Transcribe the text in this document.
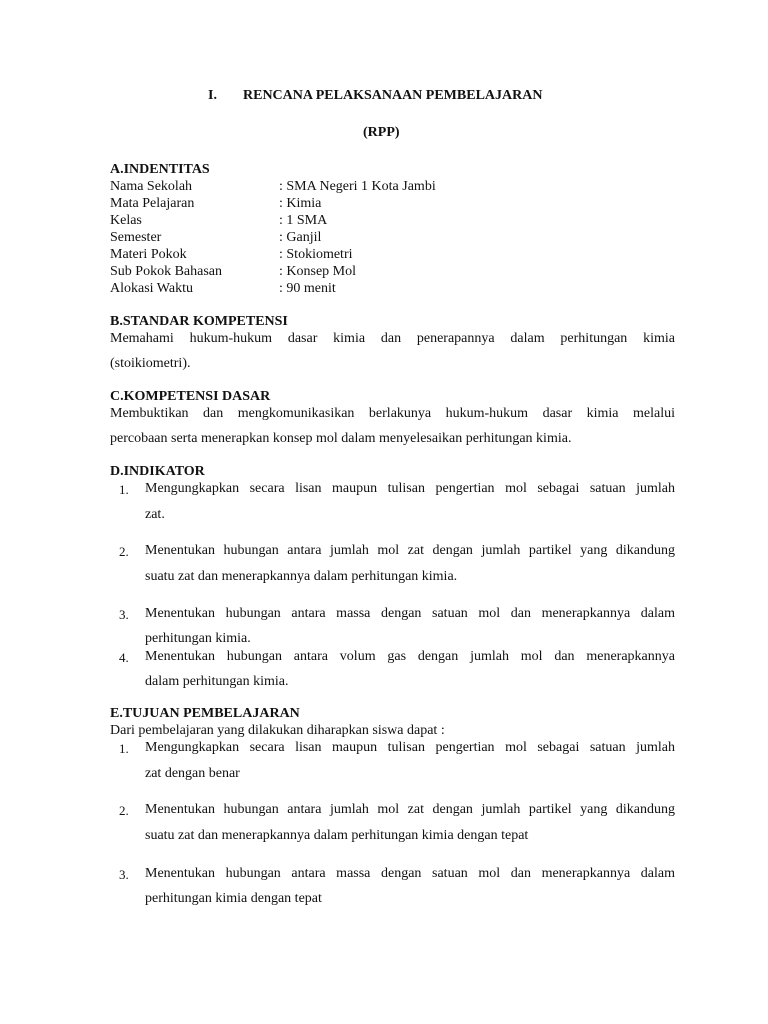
I. RENCANA PELAKSANAAN PEMBELAJARAN
(RPP)
A.INDENTITAS
Nama Sekolah	: SMA Negeri 1 Kota Jambi
Mata Pelajaran	: Kimia
Kelas	: 1 SMA
Semester	: Ganjil
Materi Pokok	: Stokiometri
Sub Pokok Bahasan	: Konsep Mol
Alokasi Waktu	: 90 menit
B.STANDAR KOMPETENSI
Memahami hukum-hukum dasar kimia dan penerapannya dalam perhitungan kimia
(stoikiometri).
C.KOMPETENSI DASAR
Membuktikan dan mengkomunikasikan berlakunya hukum-hukum dasar kimia melalui
percobaan serta menerapkan konsep mol dalam menyelesaikan perhitungan kimia.
D.INDIKATOR
1. Mengungkapkan secara lisan maupun tulisan pengertian mol sebagai satuan jumlah
zat.
2. Menentukan hubungan antara jumlah mol zat dengan jumlah partikel yang dikandung
suatu zat dan menerapkannya dalam perhitungan kimia.
3. Menentukan hubungan antara massa dengan satuan mol dan menerapkannya dalam
perhitungan kimia.
4. Menentukan hubungan antara volum gas dengan jumlah mol dan menerapkannya
dalam perhitungan kimia.
E.TUJUAN PEMBELAJARAN
Dari pembelajaran yang dilakukan diharapkan siswa dapat :
1. Mengungkapkan secara lisan maupun tulisan pengertian mol sebagai satuan jumlah
zat dengan benar
2. Menentukan hubungan antara jumlah mol zat dengan jumlah partikel yang dikandung
suatu zat dan menerapkannya dalam perhitungan kimia dengan tepat
3. Menentukan hubungan antara massa dengan satuan mol dan menerapkannya dalam
perhitungan kimia dengan tepat
